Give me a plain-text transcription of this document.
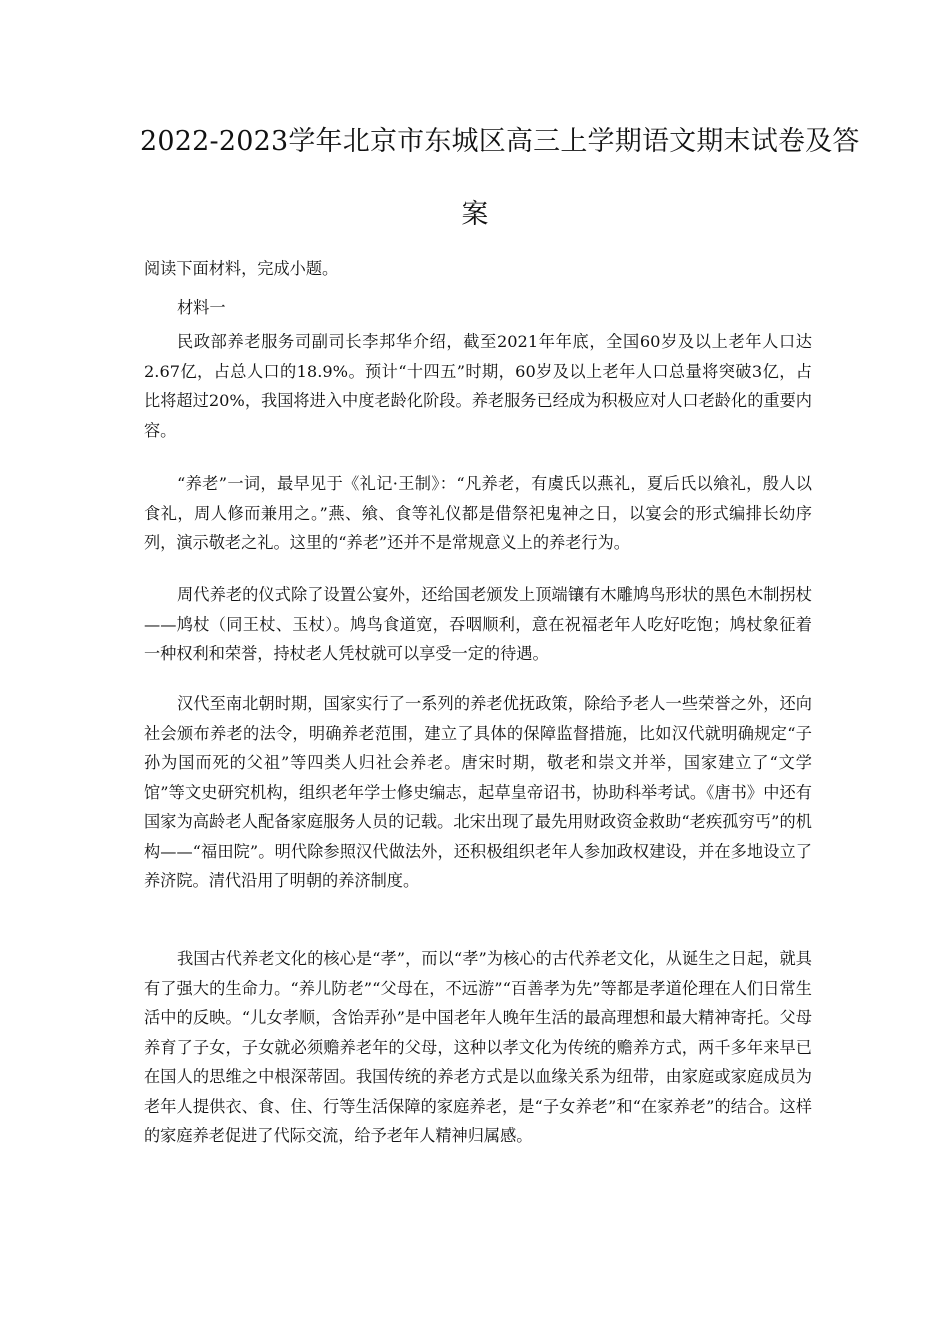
2022-2023学年北京市东城区高三上学期语文期末试卷及答
案
阅读下面材料，完成小题。
材料一

民政部养老服务司副司长李邦华介绍，截至2021年年底，全国60岁及以上老年人口达2.67亿，占总人口的18.9%。预计“十四五”时期，60岁及以上老年人口总量将突破3亿，占比将超过20%，我国将进入中度老龄化阶段。养老服务已经成为积极应对人口老龄化的重要内容。

“养老”一词，最早见于《礼记·王制》：“凡养老，有虞氏以燕礼，夏后氏以飨礼，殷人以食礼，周人修而兼用之。”燕、飨、食等礼仪都是借祭祀鬼神之日，以宴会的形式编排长幼序列，演示敬老之礼。这里的“养老”还并不是常规意义上的养老行为。

周代养老的仪式除了设置公宴外，还给国老颁发上顶端镶有木雕鸠鸟形状的黑色木制拐杖——鸠杖（同王杖、玉杖）。鸠鸟食道宽，吞咽顺利，意在祝福老年人吃好吃饱；鸠杖象征着一种权利和荣誉，持杖老人凭杖就可以享受一定的待遇。

汉代至南北朝时期，国家实行了一系列的养老优抚政策，除给予老人一些荣誉之外，还向社会颁布养老的法令，明确养老范围，建立了具体的保障监督措施，比如汉代就明确规定“子孙为国而死的父祖”等四类人归社会养老。唐宋时期，敬老和崇文并举，国家建立了“文学馆”等文史研究机构，组织老年学士修史编志，起草皇帝诏书，协助科举考试。《唐书》中还有国家为高龄老人配备家庭服务人员的记载。北宋出现了最先用财政资金救助“老疾孤穷丐”的机构——“福田院”。明代除参照汉代做法外，还积极组织老年人参加政权建设，并在多地设立了养济院。清代沿用了明朝的养济制度。

我国古代养老文化的核心是“孝”，而以“孝”为核心的古代养老文化，从诞生之日起，就具有了强大的生命力。“养儿防老”“父母在，不远游”“百善孝为先”等都是孝道伦理在人们日常生活中的反映。“儿女孝顺，含饴弄孙”是中国老年人晚年生活的最高理想和最大精神寄托。父母养育了子女，子女就必须赡养老年的父母，这种以孝文化为传统的赡养方式，两千多年来早已在国人的思维之中根深蒂固。我国传统的养老方式是以血缘关系为纽带，由家庭或家庭成员为老年人提供衣、食、住、行等生活保障的家庭养老，是“子女养老”和“在家养老”的结合。这样的家庭养老促进了代际交流，给予老年人精神归属感。
